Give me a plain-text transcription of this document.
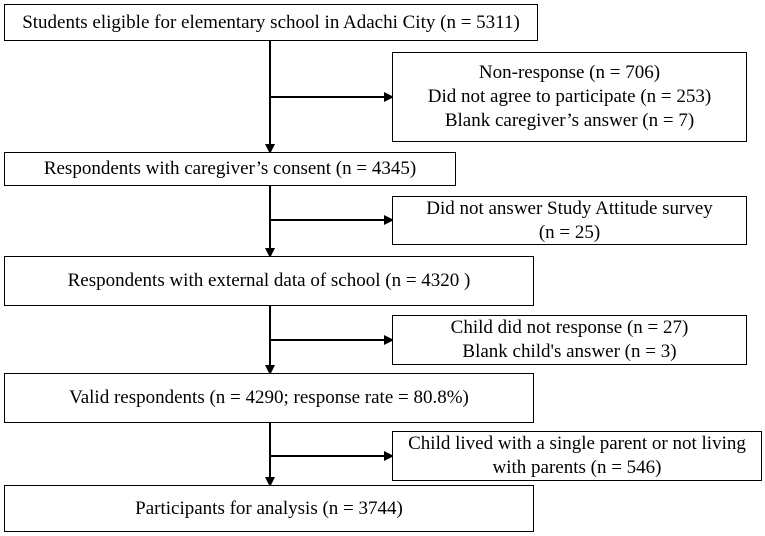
Students eligible for elementary school in Adachi City (n = 5311)
Respondents with caregiver’s consent (n = 4345)
Respondents with external data of school (n = 4320 )
Valid respondents (n = 4290; response rate = 80.8%)
Participants for analysis (n = 3744)
Non-response (n = 706)
Did not agree to participate (n = 253)
Blank caregiver’s answer (n = 7)
Did not answer Study Attitude survey
(n = 25)
Child did not response (n = 27)
Blank child's answer (n = 3)
Child lived with a single parent or not living
with parents (n = 546)
